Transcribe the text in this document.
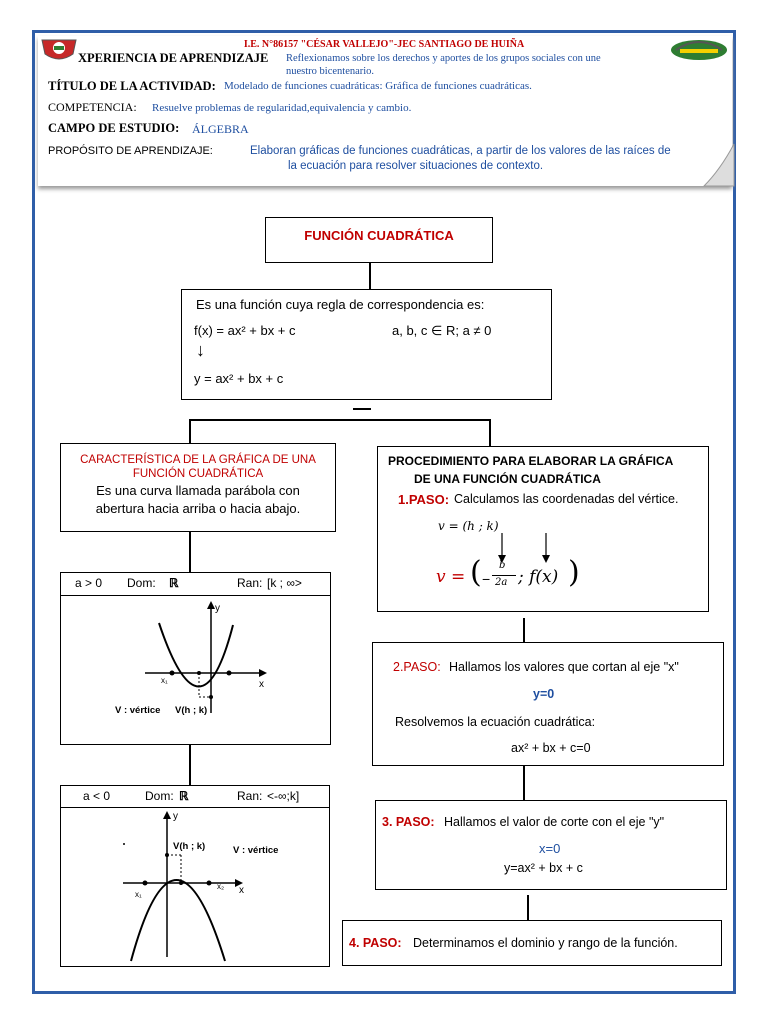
I.E. N°86157 "CÉSAR VALLEJO"-JEC SANTIAGO DE HUIÑA
XPERIENCIA DE APRENDIZAJE Reflexionamos sobre los derechos y aportes de los grupos sociales con une
nuestro bicentenario.
TÍTULO DE LA ACTIVIDAD: Modelado de funciones cuadráticas: Gráfica de funciones cuadráticas.
COMPETENCIA: Resuelve problemas de regularidad,equivalencia y cambio.
CAMPO DE ESTUDIO: ÁLGEBRA
PROPÓSITO DE APRENDIZAJE:	Elaboran gráficas de funciones cuadráticas, a partir de los valores de las raíces de
la ecuación para resolver situaciones de contexto.
FUNCIÓN CUADRÁTICA
Es una función cuya regla de correspondencia es:
f(x) = ax² + bx + c	a, b, c ∈ R; a ≠ 0
↓
y = ax² + bx + c
CARACTERÍSTICA DE LA GRÁFICA DE UNA
FUNCIÓN CUADRÁTICA
Es una curva llamada parábola con
abertura hacia arriba o hacia abajo.
a > 0 Dom: ℝ	Ran: [k ; ∞>
y
x
x₁
V : vértice V(h ; k)
a < 0	Dom: ℝ	Ran: <-∞;k]
y
x
x₁
x₂
V(h ; k)	V : vértice
PROCEDIMIENTO PARA ELABORAR LA GRÁFICA
DE UNA FUNCIÓN CUADRÁTICA
1.PASO: Calculamos las coordenadas del vértice.
v = (h ; k)
v = ( −
b
2a ; f(x) )
2.PASO: Hallamos los valores que cortan al eje "x"
y=0
Resolvemos la ecuación cuadrática:
ax² + bx + c=0
3. PASO: Hallamos el valor de corte con el eje "y"
x=0
y=ax² + bx + c
4. PASO: Determinamos el dominio y rango de la función.
